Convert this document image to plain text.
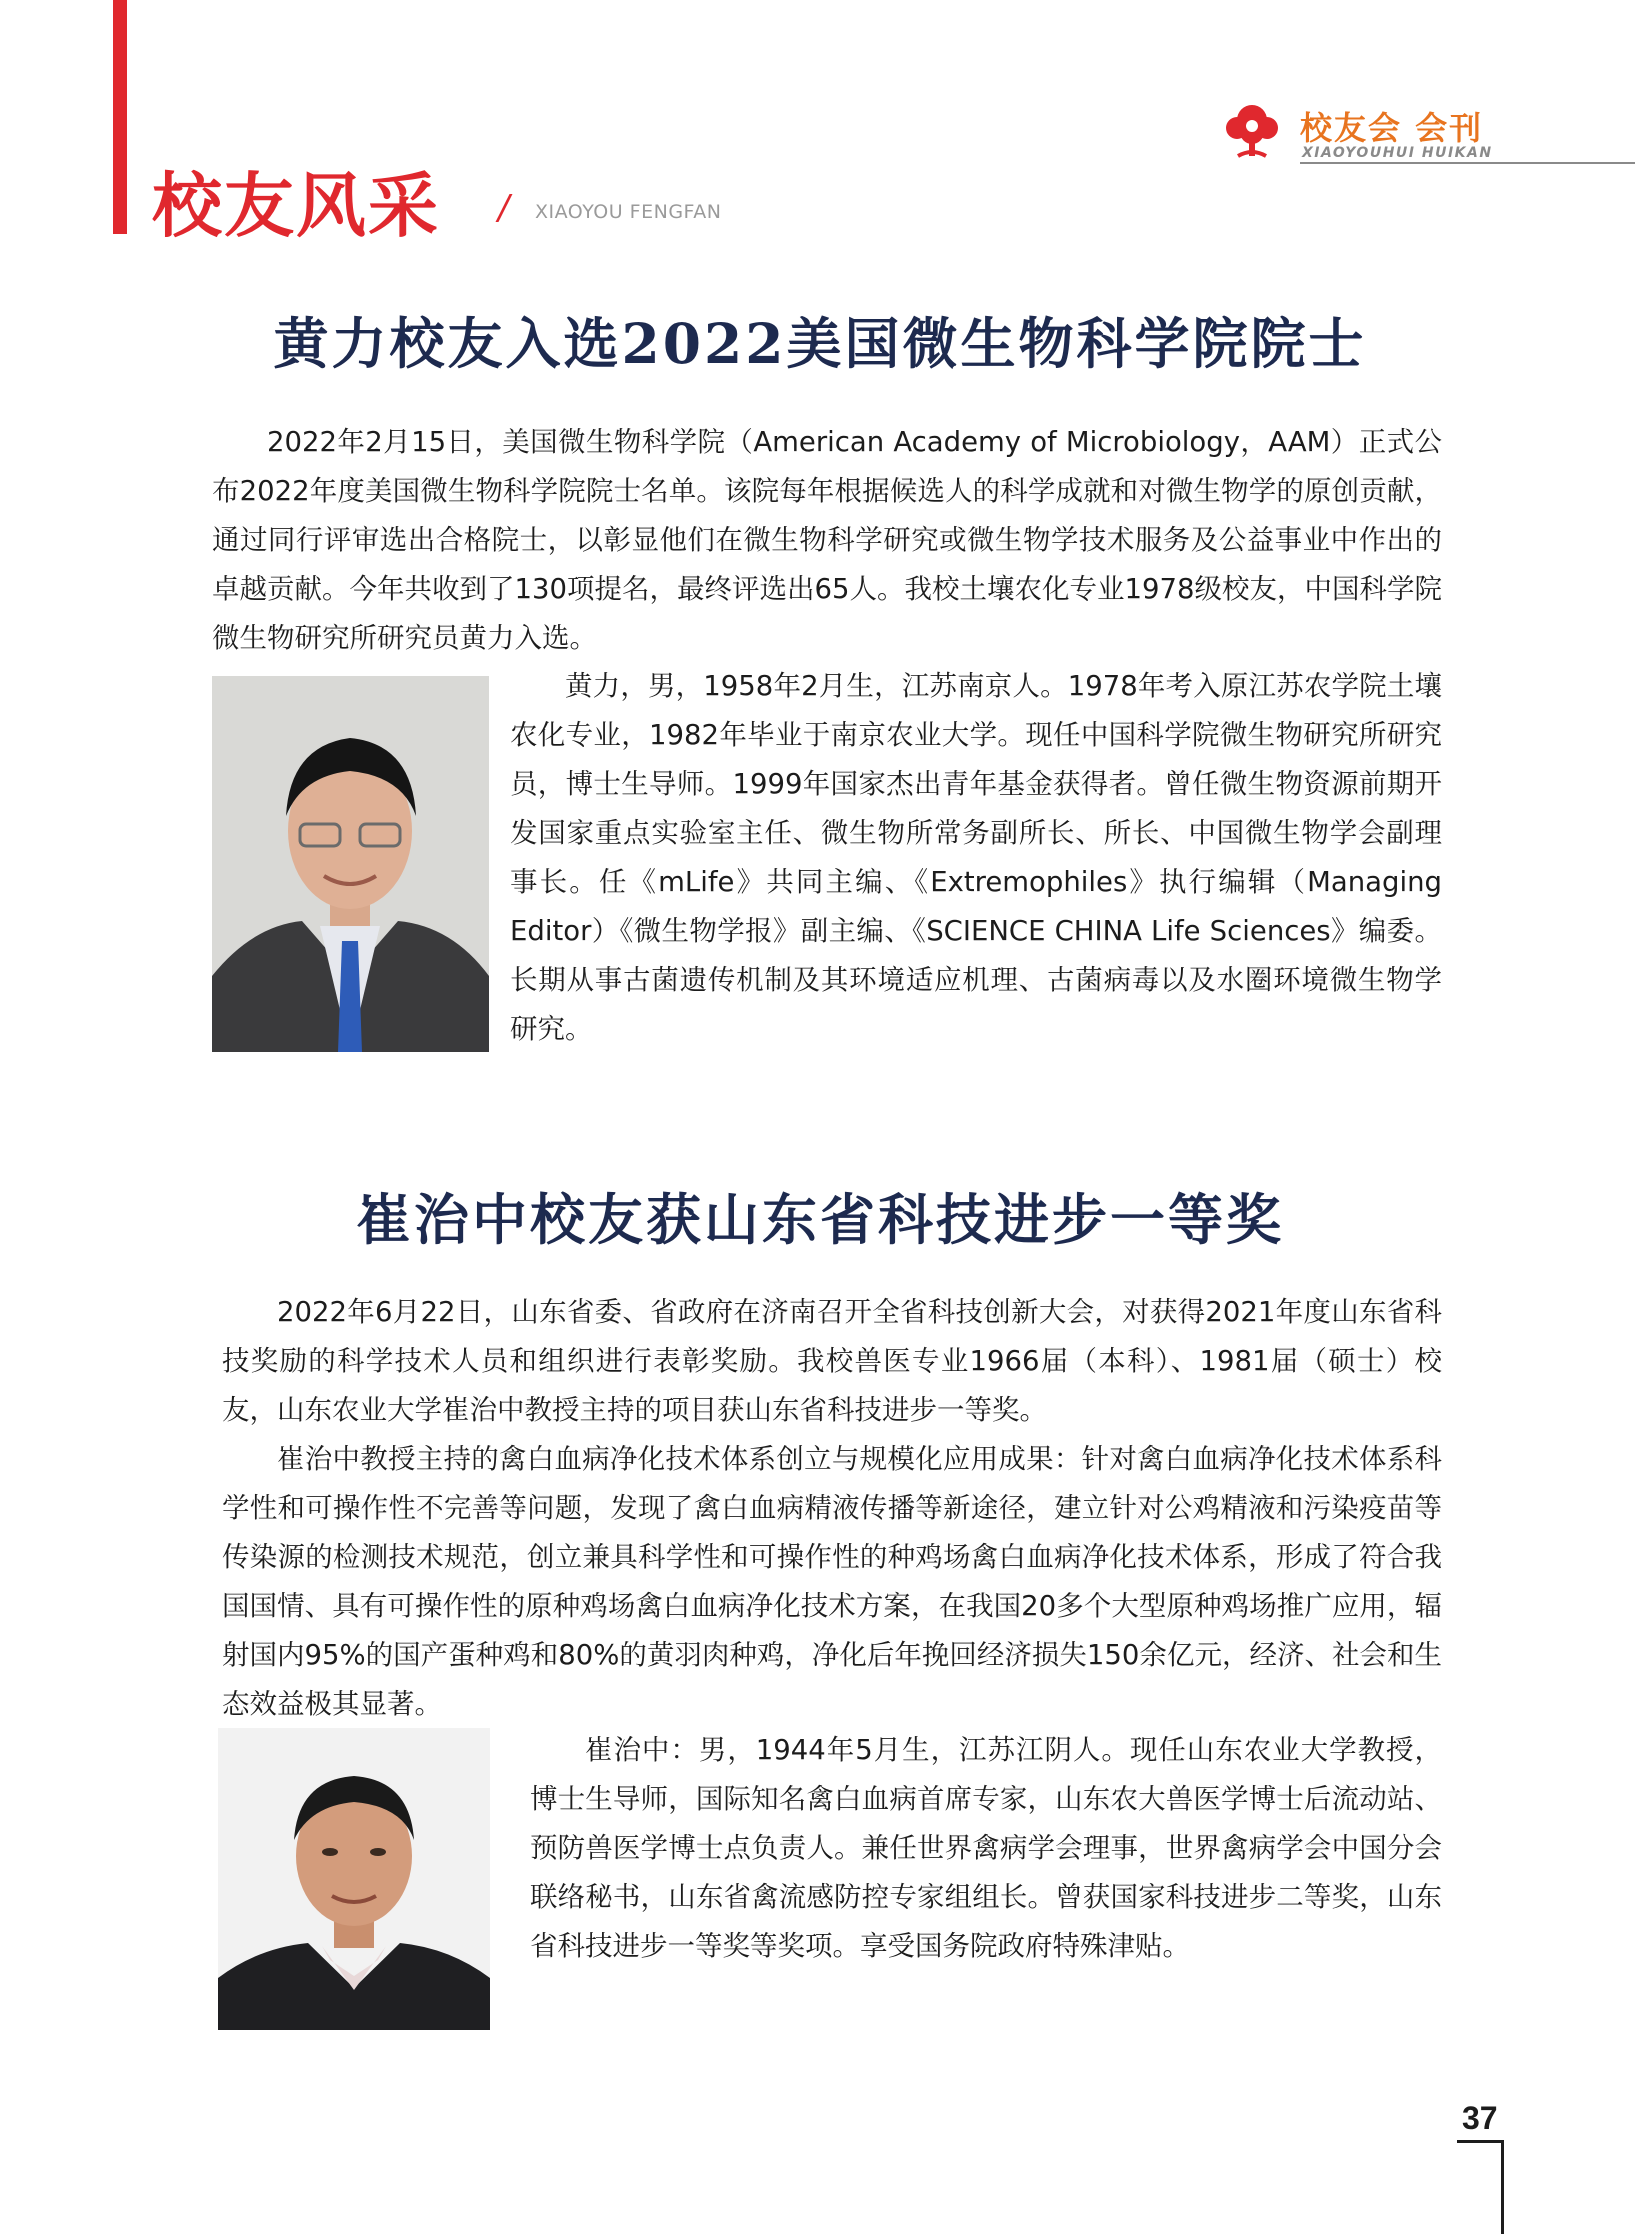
校友风采 / XIAOYOU FENGFAN
校友会 会刊
XIAOYOUHUI HUIKAN
黄力校友入选2022美国微生物科学院院士

2022年2月15日，美国微生物科学院（American Academy of Microbiology，AAM）正式公布2022年度美国微生物科学院院士名单。该院每年根据候选人的科学成就和对微生物学的原创贡献，通过同行评审选出合格院士，以彰显他们在微生物科学研究或微生物学技术服务及公益事业中作出的卓越贡献。今年共收到了130项提名，最终评选出65人。我校土壤农化专业1978级校友，中国科学院微生物研究所研究员黄力入选。

黄力，男，1958年2月生，江苏南京人。1978年考入原江苏农学院土壤农化专业，1982年毕业于南京农业大学。现任中国科学院微生物研究所研究员，博士生导师。1999年国家杰出青年基金获得者。曾任微生物资源前期开发国家重点实验室主任、微生物所常务副所长、所长、中国微生物学会副理事长。任《mLife》共同主编、《Extremophiles》执行编辑（Managing Editor）《微生物学报》副主编、《SCIENCE CHINA Life Sciences》编委。长期从事古菌遗传机制及其环境适应机理、古菌病毒以及水圈环境微生物学研究。

崔治中校友获山东省科技进步一等奖

2022年6月22日，山东省委、省政府在济南召开全省科技创新大会，对获得2021年度山东省科技奖励的科学技术人员和组织进行表彰奖励。我校兽医专业1966届（本科）、1981届（硕士）校友，山东农业大学崔治中教授主持的项目获山东省科技进步一等奖。

崔治中教授主持的禽白血病净化技术体系创立与规模化应用成果：针对禽白血病净化技术体系科学性和可操作性不完善等问题，发现了禽白血病精液传播等新途径，建立针对公鸡精液和污染疫苗等传染源的检测技术规范，创立兼具科学性和可操作性的种鸡场禽白血病净化技术体系，形成了符合我国国情、具有可操作性的原种鸡场禽白血病净化技术方案，在我国20多个大型原种鸡场推广应用，辐射国内95%的国产蛋种鸡和80%的黄羽肉种鸡，净化后年挽回经济损失150余亿元，经济、社会和生态效益极其显著。

崔治中：男，1944年5月生，江苏江阴人。现任山东农业大学教授，博士生导师，国际知名禽白血病首席专家，山东农大兽医学博士后流动站、预防兽医学博士点负责人。兼任世界禽病学会理事，世界禽病学会中国分会联络秘书，山东省禽流感防控专家组组长。曾获国家科技进步二等奖，山东省科技进步一等奖等奖项。享受国务院政府特殊津贴。

37
